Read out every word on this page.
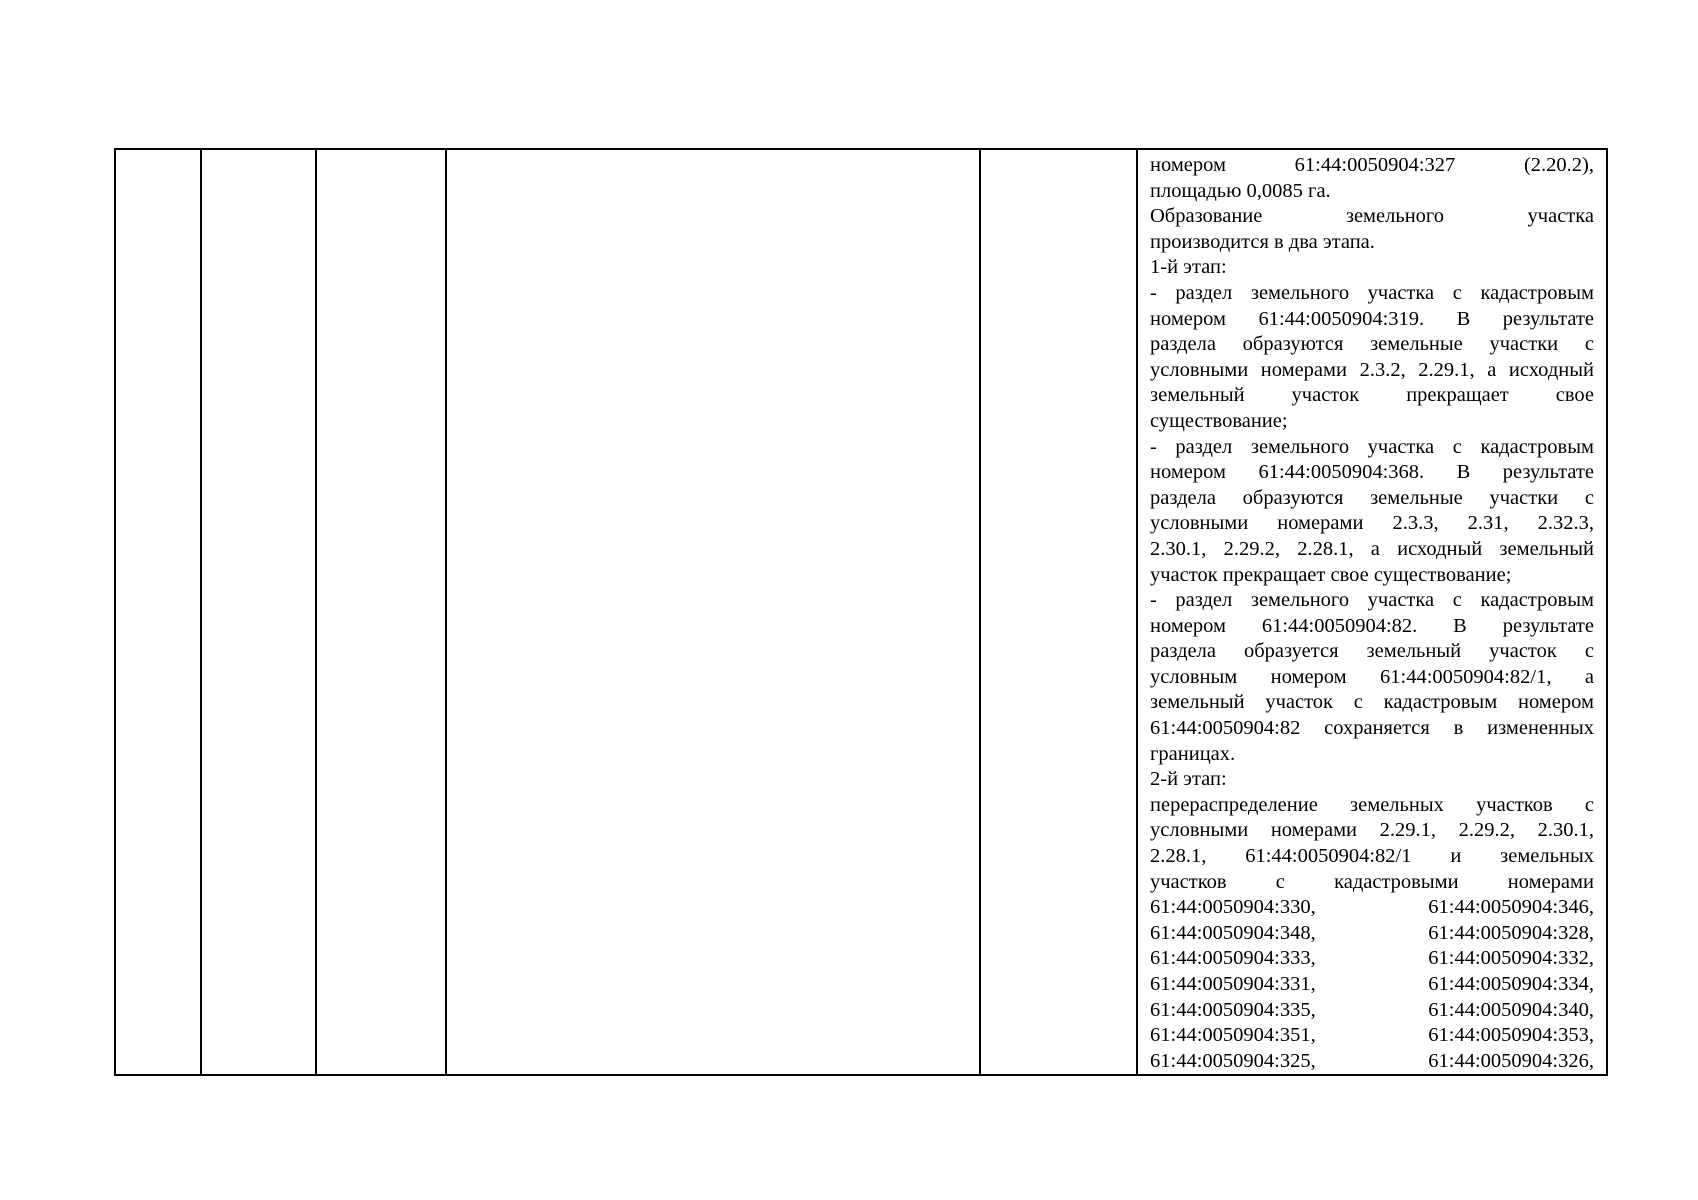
номером	61:44:0050904:327	(2.20.2),
площадью 0,0085 га.
Образование	земельного	участка
производится в два этапа.
1-й этап:
- раздел земельного участка с кадастровым
номером 61:44:0050904:319. В результате
раздела образуются земельные участки с
условными номерами 2.3.2, 2.29.1, а исходный
земельный участок прекращает свое
существование;
- раздел земельного участка с кадастровым
номером 61:44:0050904:368. В результате
раздела образуются земельные участки с
условными номерами 2.3.3, 2.31, 2.32.3,
2.30.1, 2.29.2, 2.28.1, а исходный земельный
участок прекращает свое существование;
- раздел земельного участка с кадастровым
номером 61:44:0050904:82. В результате
раздела образуется земельный участок с
условным номером 61:44:0050904:82/1, а
земельный участок с кадастровым номером
61:44:0050904:82 сохраняется в измененных
границах.
2-й этап:
перераспределение земельных участков с
условными номерами 2.29.1, 2.29.2, 2.30.1,
2.28.1, 61:44:0050904:82/1 и земельных
участков с кадастровыми номерами
61:44:0050904:330,	61:44:0050904:346,
61:44:0050904:348,	61:44:0050904:328,
61:44:0050904:333,	61:44:0050904:332,
61:44:0050904:331,	61:44:0050904:334,
61:44:0050904:335,	61:44:0050904:340,
61:44:0050904:351,	61:44:0050904:353,
61:44:0050904:325,	61:44:0050904:326,
